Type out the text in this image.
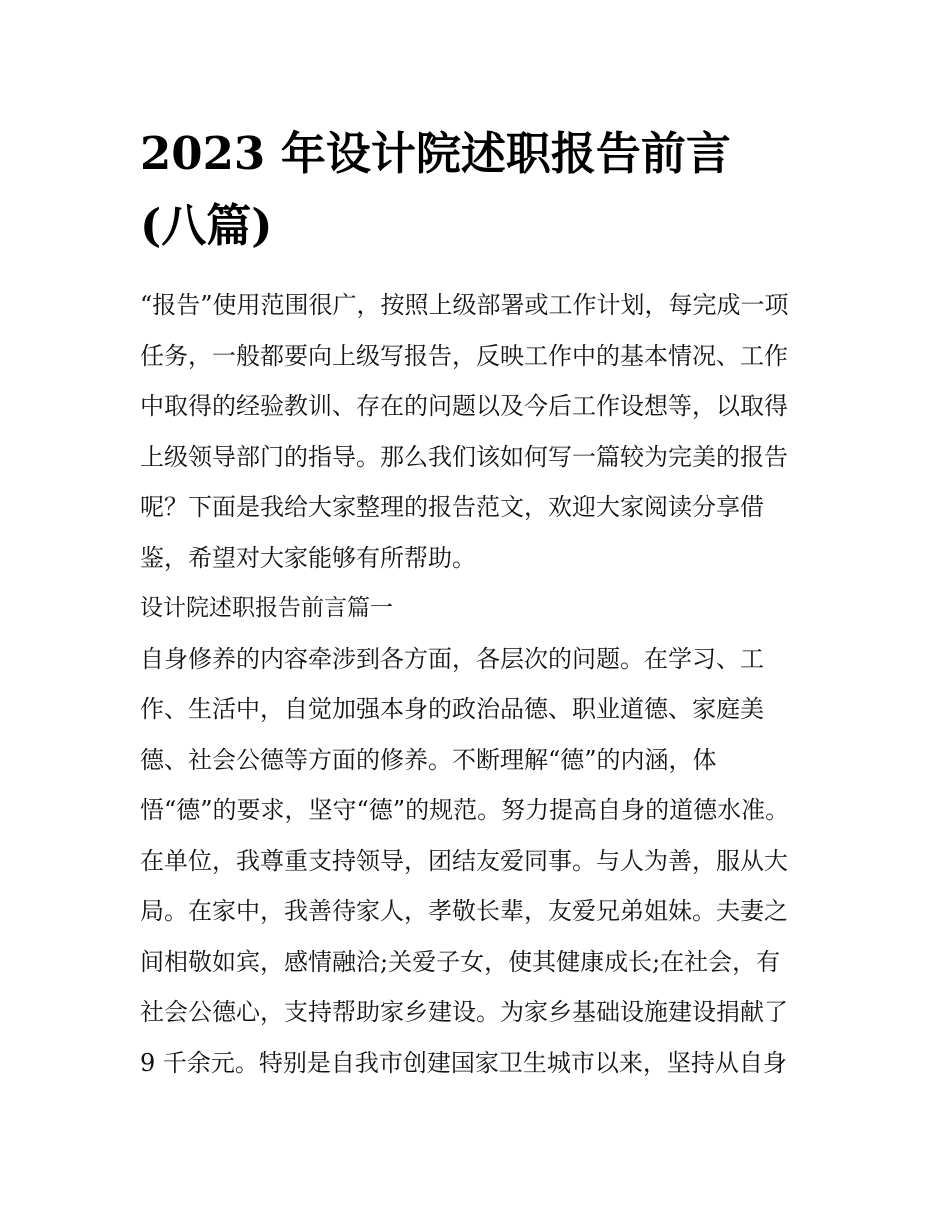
2023 年设计院述职报告前言
(八篇)
“报告”使用范围很广，按照上级部署或工作计划，每完成一项
任务，一般都要向上级写报告，反映工作中的基本情况、工作
中取得的经验教训、存在的问题以及今后工作设想等，以取得
上级领导部门的指导。那么我们该如何写一篇较为完美的报告
呢？下面是我给大家整理的报告范文，欢迎大家阅读分享借
鉴，希望对大家能够有所帮助。
设计院述职报告前言篇一
自身修养的内容牵涉到各方面，各层次的问题。在学习、工
作、生活中，自觉加强本身的政治品德、职业道德、家庭美
德、社会公德等方面的修养。不断理解“德”的内涵，体
悟“德”的要求，坚守“德”的规范。努力提高自身的道德水准。
在单位，我尊重支持领导，团结友爱同事。与人为善，服从大
局。在家中，我善待家人，孝敬长辈，友爱兄弟姐妹。夫妻之
间相敬如宾，感情融洽;关爱子女，使其健康成长;在社会，有
社会公德心，支持帮助家乡建设。为家乡基础设施建设捐献了
9 千余元。特别是自我市创建国家卫生城市以来，坚持从自身
